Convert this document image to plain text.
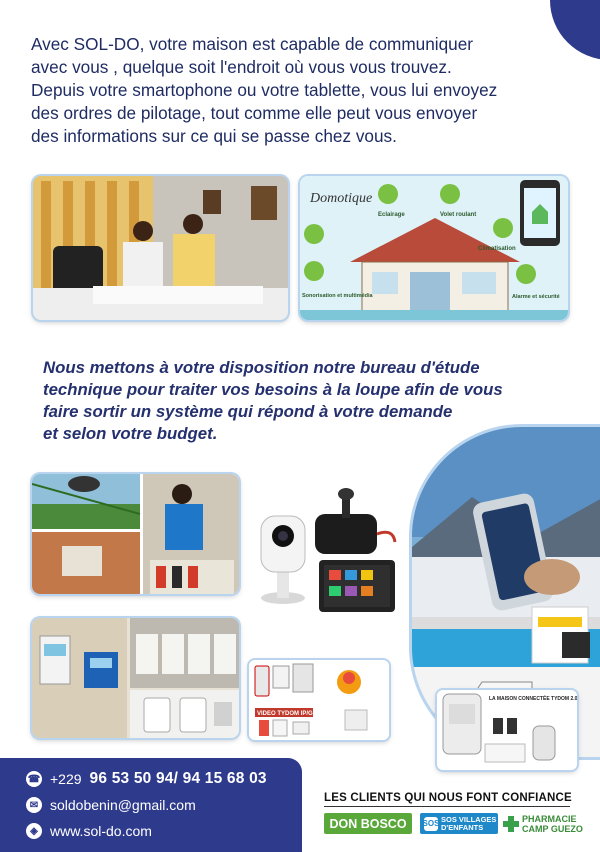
Avec SOL-DO, votre maison est capable de communiquer
avec vous , quelque soit l'endroit où vous vous trouvez.
Depuis votre smartophone ou votre tablette, vous lui envoyez
des ordres de pilotage, tout comme elle peut vous envoyer
des informations sur ce qui se passe chez vous.
Domotique
Eclairage	Volet roulant
Climatisation
Sonorisation et multimédia	Alarme et sécurité
Nous mettons à votre disposition notre bureau d'étude
technique pour traiter vos besoins à la loupe afin de vous
faire sortir un système qui répond à votre demande
et selon votre budget.
VIDEO TYDOM IP/GSM
LA MAISON CONNECTÉE TYDOM 2.0
☎ +229 96 53 50 94/ 94 15 68 03
✉ soldobenin@gmail.com
◈ www.sol-do.com
LES CLIENTS QUI NOUS FONT CONFIANCE
DON BOSCO SOS SOS VILLAGES
D'ENFANTS
PHARMACIE
CAMP GUEZO
